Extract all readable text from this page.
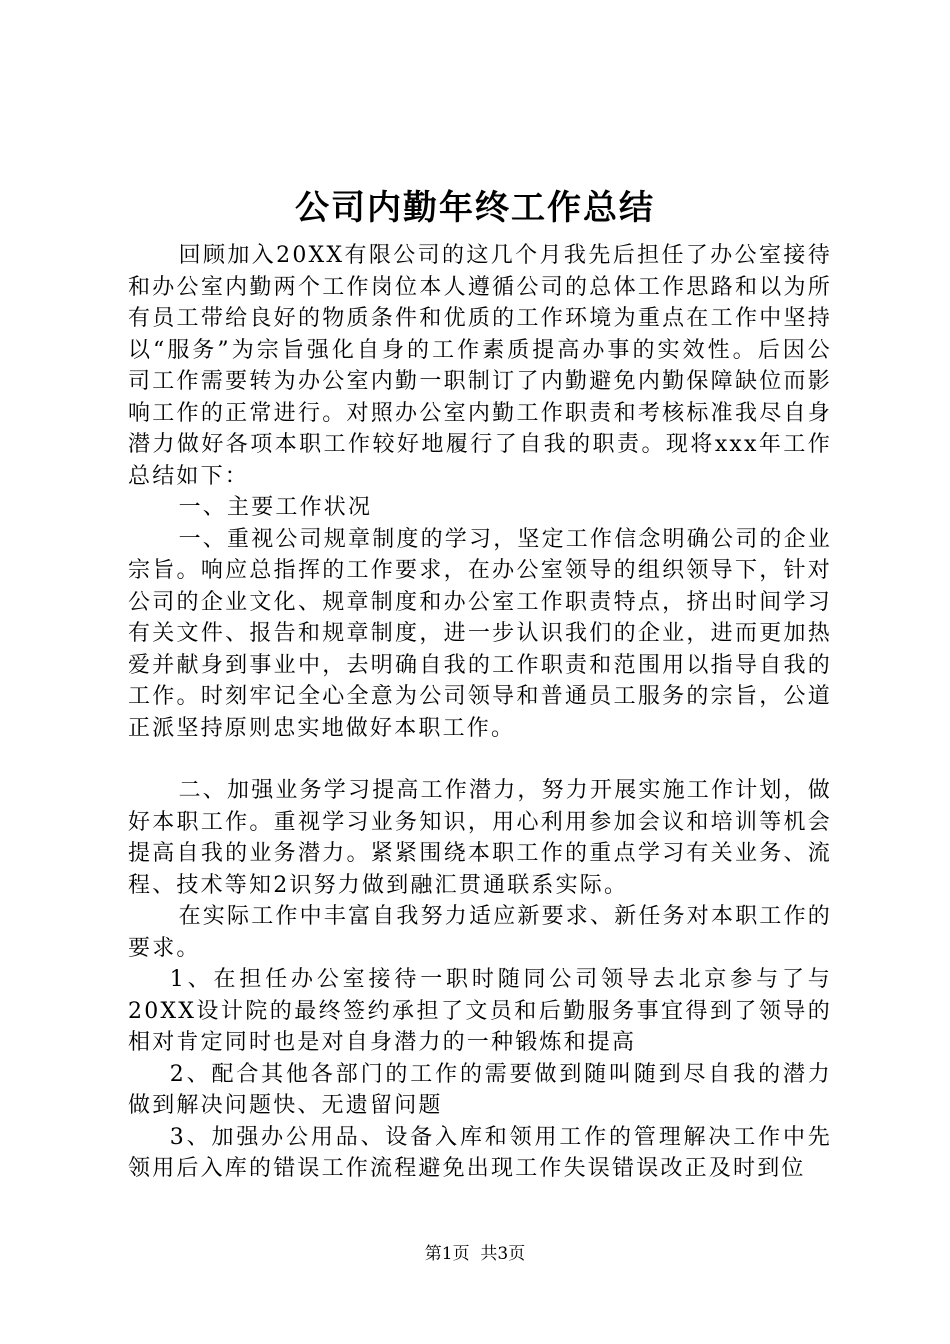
公司内勤年终工作总结

回顾加入20XX有限公司的这几个月我先后担任了办公室接待和办公室内勤两个工作岗位本人遵循公司的总体工作思路和以为所有员工带给良好的物质条件和优质的工作环境为重点在工作中坚持以“服务”为宗旨强化自身的工作素质提高办事的实效性。后因公司工作需要转为办公室内勤一职制订了内勤避免内勤保障缺位而影响工作的正常进行。对照办公室内勤工作职责和考核标准我尽自身潜力做好各项本职工作较好地履行了自我的职责。现将xxx年工作总结如下：

一、主要工作状况

一、重视公司规章制度的学习，坚定工作信念明确公司的企业宗旨。响应总指挥的工作要求，在办公室领导的组织领导下，针对公司的企业文化、规章制度和办公室工作职责特点，挤出时间学习有关文件、报告和规章制度，进一步认识我们的企业，进而更加热爱并献身到事业中，去明确自我的工作职责和范围用以指导自我的工作。时刻牢记全心全意为公司领导和普通员工服务的宗旨，公道正派坚持原则忠实地做好本职工作。

二、加强业务学习提高工作潜力，努力开展实施工作计划，做好本职工作。重视学习业务知识，用心利用参加会议和培训等机会提高自我的业务潜力。紧紧围绕本职工作的重点学习有关业务、流程、技术等知2识努力做到融汇贯通联系实际。

在实际工作中丰富自我努力适应新要求、新任务对本职工作的要求。

1、在担任办公室接待一职时随同公司领导去北京参与了与20XX设计院的最终签约承担了文员和后勤服务事宜得到了领导的相对肯定同时也是对自身潜力的一种锻炼和提高

2、配合其他各部门的工作的需要做到随叫随到尽自我的潜力做到解决问题快、无遗留问题

3、加强办公用品、设备入库和领用工作的管理解决工作中先领用后入库的错误工作流程避免出现工作失误错误改正及时到位

第1页  共3页
